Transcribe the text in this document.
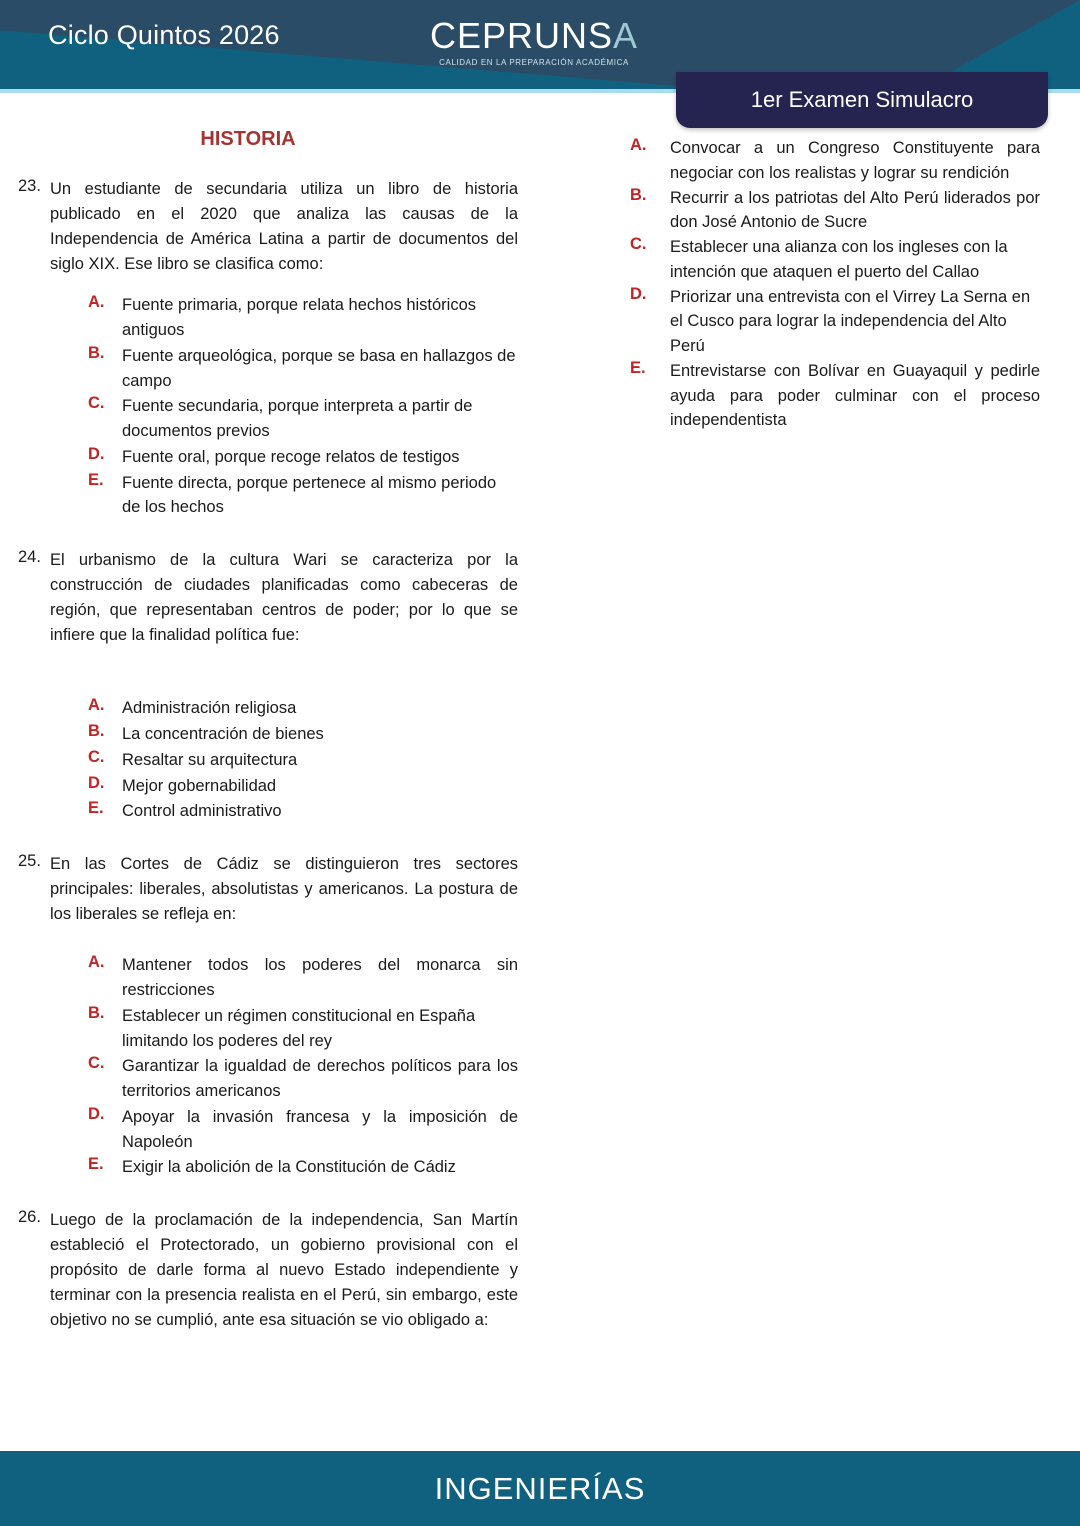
Ciclo Quintos 2026	CEPRUNSA
CALIDAD EN LA PREPARACIÓN ACADÉMICA
1er Examen Simulacro
HISTORIA
23. Un estudiante de secundaria utiliza un libro de historia publicado en el 2020 que analiza las causas de la Independencia de América Latina a partir de documentos del siglo XIX. Ese libro se clasifica como:
A.	Fuente primaria, porque relata hechos históricos antiguos
B.	Fuente arqueológica, porque se basa en hallazgos de campo
C.	Fuente secundaria, porque interpreta a partir de documentos previos
D.	Fuente oral, porque recoge relatos de testigos
E.	Fuente directa, porque pertenece al mismo periodo de los hechos
24. El urbanismo de la cultura Wari se caracteriza por la construcción de ciudades planificadas como cabeceras de región, que representaban centros de poder; por lo que se infiere que la finalidad política fue:
A.	Administración religiosa
B.	La concentración de bienes
C.	Resaltar su arquitectura
D.	Mejor gobernabilidad
E.	Control administrativo
25. En las Cortes de Cádiz se distinguieron tres sectores principales: liberales, absolutistas y americanos. La postura de los liberales se refleja en:
A.	Mantener todos los poderes del monarca sin restricciones
B.	Establecer un régimen constitucional en España limitando los poderes del rey
C.	Garantizar la igualdad de derechos políticos para los territorios americanos
D.	Apoyar la invasión francesa y la imposición de Napoleón
E.	Exigir la abolición de la Constitución de Cádiz
26. Luego de la proclamación de la independencia, San Martín estableció el Protectorado, un gobierno provisional con el propósito de darle forma al nuevo Estado independiente y terminar con la presencia realista en el Perú, sin embargo, este objetivo no se cumplió, ante esa situación se vio obligado a:
A.	Convocar a un Congreso Constituyente para negociar con los realistas y lograr su rendición
B.	Recurrir a los patriotas del Alto Perú liderados por don José Antonio de Sucre
C.	Establecer una alianza con los ingleses con la intención que ataquen el puerto del Callao
D.	Priorizar una entrevista con el Virrey La Serna en el Cusco para lograr la independencia del Alto Perú
E.	Entrevistarse con Bolívar en Guayaquil y pedirle ayuda para poder culminar con el proceso independentista
INGENIERÍAS
